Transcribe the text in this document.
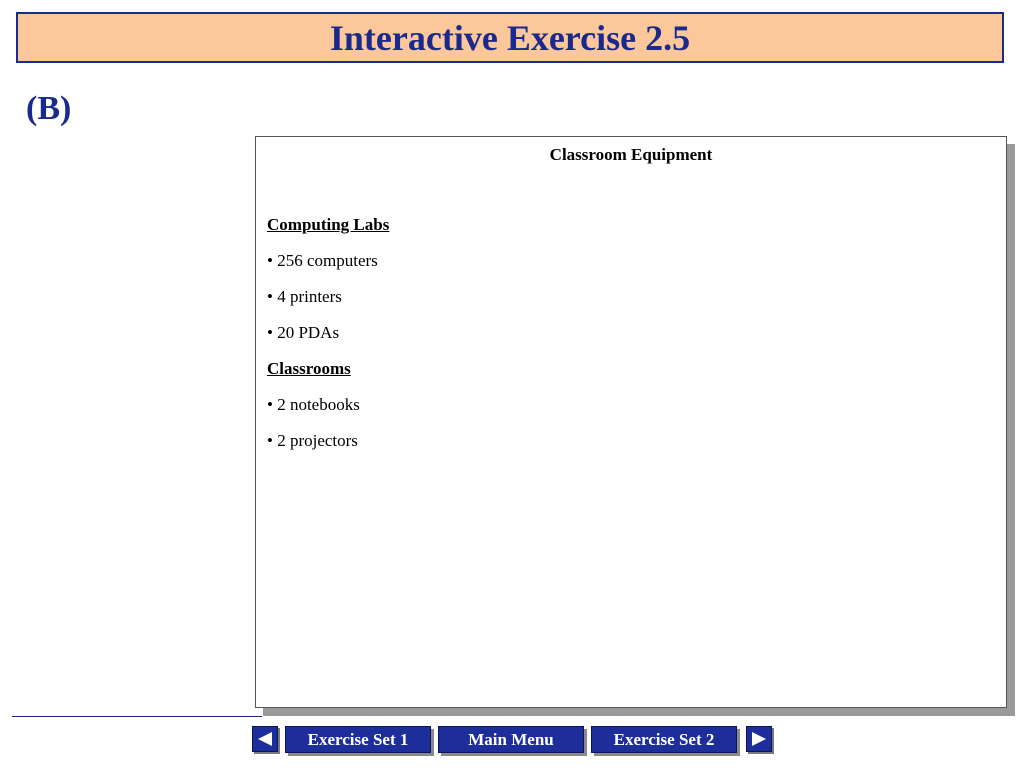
Interactive Exercise 2.5
(B)
Classroom Equipment
Computing Labs
• 256 computers
• 4 printers
• 20 PDAs
Classrooms
• 2 notebooks
• 2 projectors
Exercise Set 1	Main Menu	Exercise Set 2
